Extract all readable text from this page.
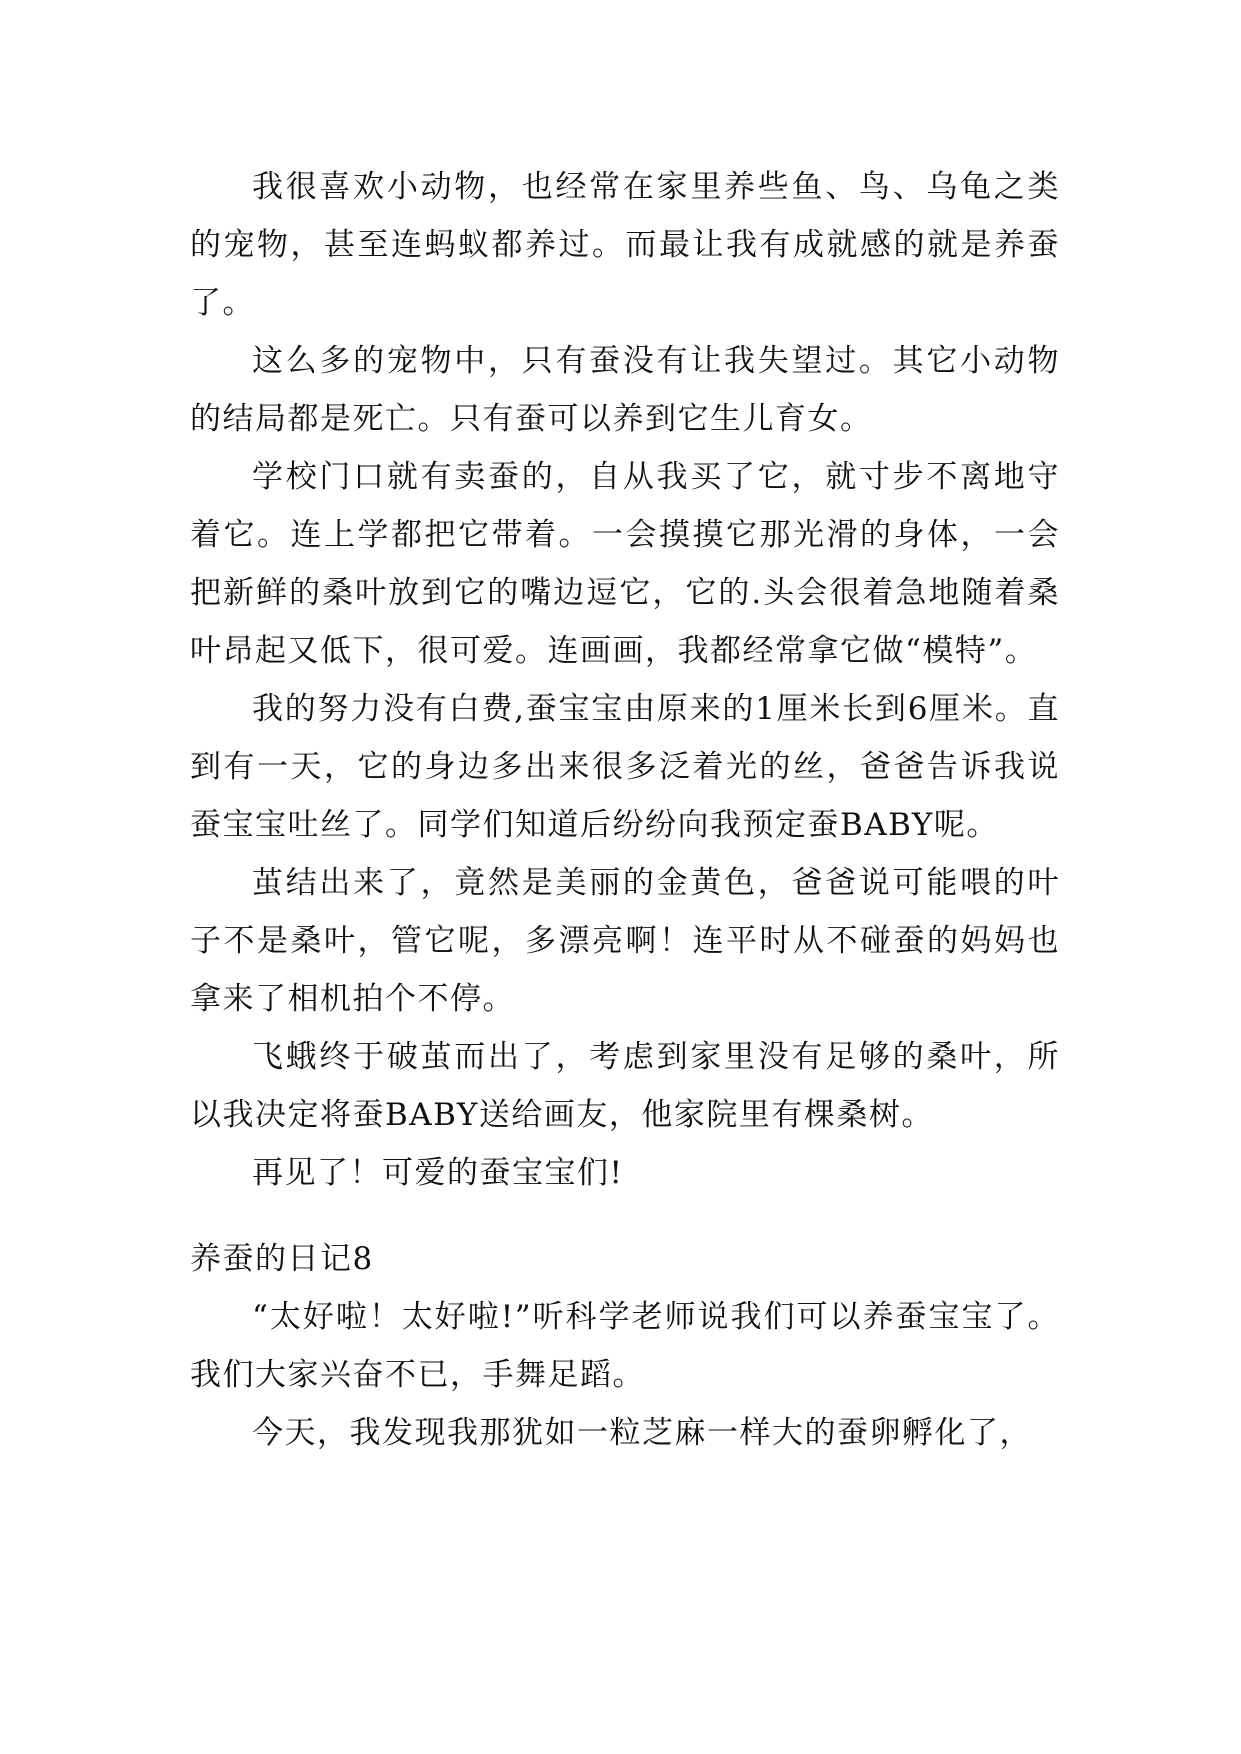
我很喜欢小动物，也经常在家里养些鱼、鸟、乌龟之类的宠物，甚至连蚂蚁都养过。而最让我有成就感的就是养蚕了。

这么多的宠物中，只有蚕没有让我失望过。其它小动物的结局都是死亡。只有蚕可以养到它生儿育女。

学校门口就有卖蚕的，自从我买了它，就寸步不离地守着它。连上学都把它带着。一会摸摸它那光滑的身体，一会把新鲜的桑叶放到它的嘴边逗它，它的.头会很着急地随着桑叶昂起又低下，很可爱。连画画，我都经常拿它做“模特”。

我的努力没有白费,蚕宝宝由原来的1厘米长到6厘米。直到有一天，它的身边多出来很多泛着光的丝，爸爸告诉我说蚕宝宝吐丝了。同学们知道后纷纷向我预定蚕BABY呢。

茧结出来了，竟然是美丽的金黄色，爸爸说可能喂的叶子不是桑叶，管它呢，多漂亮啊！连平时从不碰蚕的妈妈也拿来了相机拍个不停。

飞蛾终于破茧而出了，考虑到家里没有足够的桑叶，所以我决定将蚕BABY送给画友，他家院里有棵桑树。

再见了！可爱的蚕宝宝们!

养蚕的日记8

“太好啦！太好啦!”听科学老师说我们可以养蚕宝宝了。我们大家兴奋不已，手舞足蹈。

今天，我发现我那犹如一粒芝麻一样大的蚕卵孵化了，
